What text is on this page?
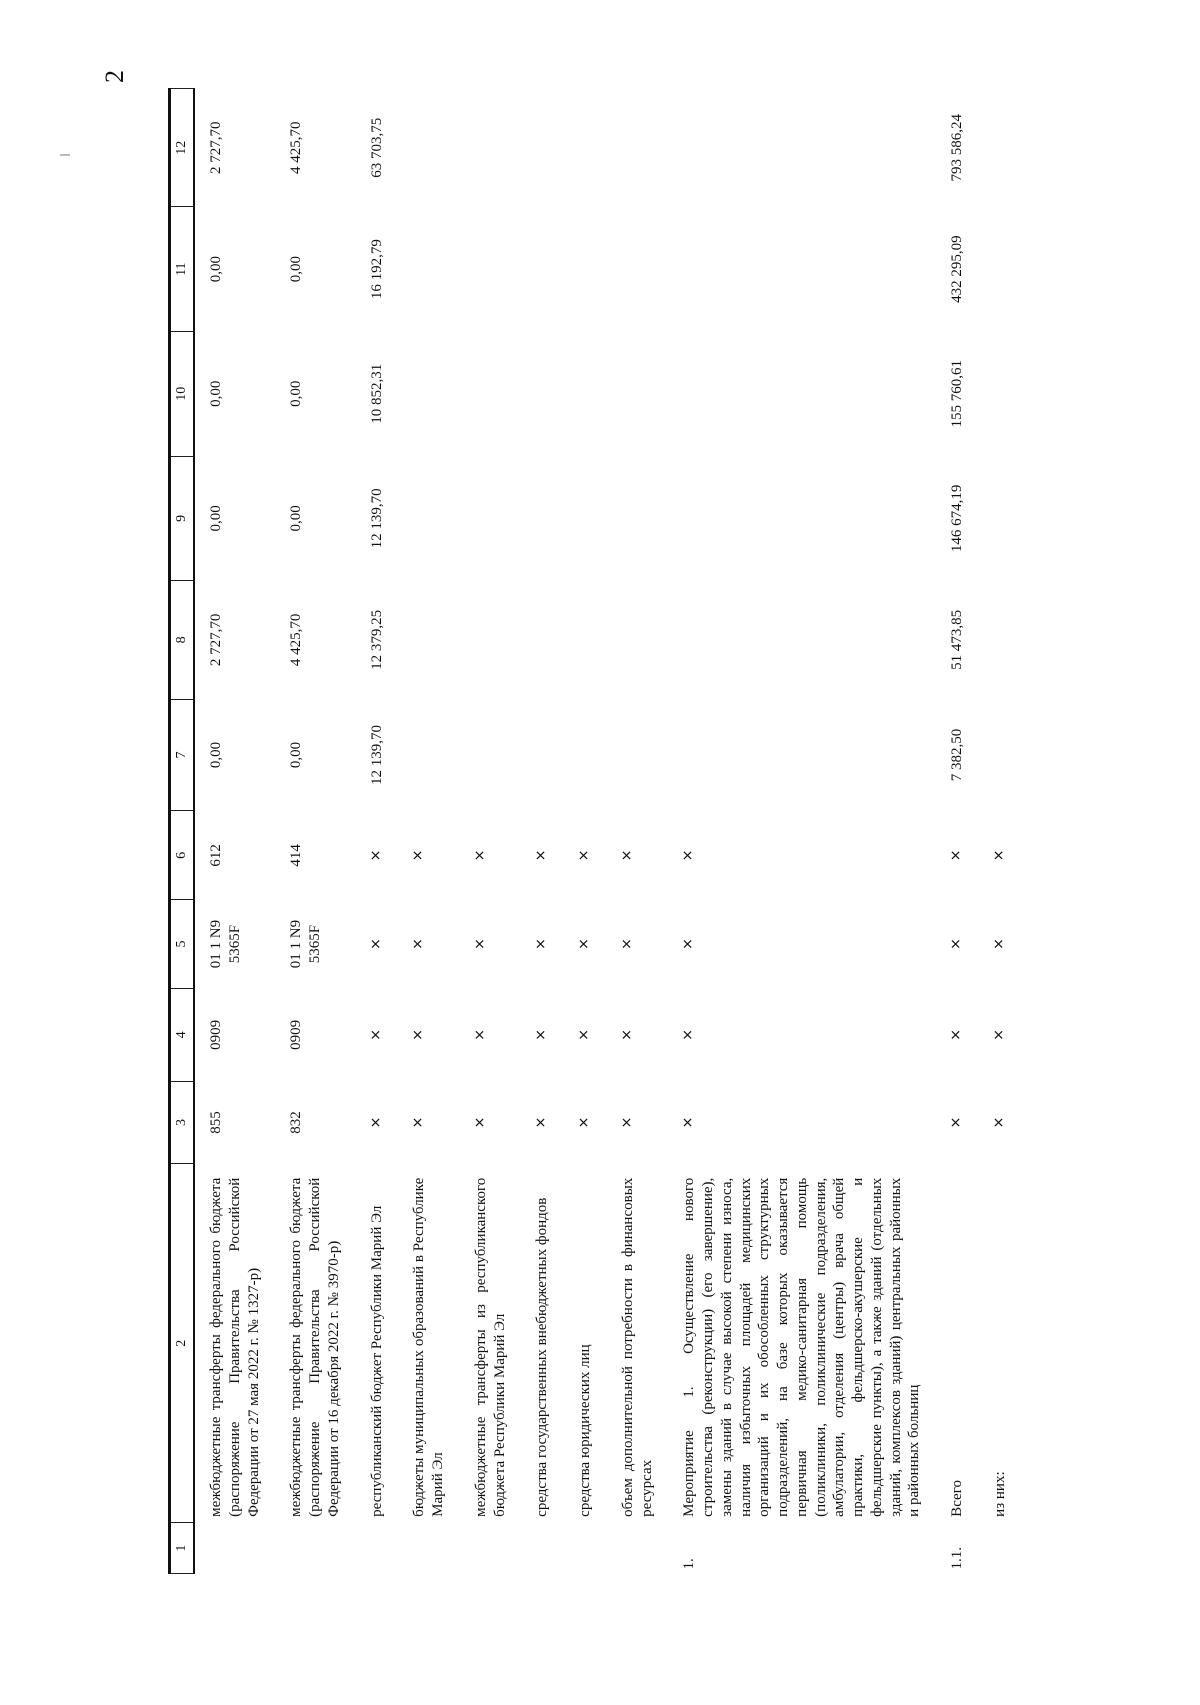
2
1	2	3	4	5	6	7	8	9	10	11	12
	межбюджетные трансферты федерального бюджета (распоряжение Правительства Российской Федерации от 27 мая 2022 г. № 1327-р)	855	0909	01 1 N9 5365F	612	0,00	2 727,70	0,00	0,00	0,00	2 727,70
	межбюджетные трансферты федерального бюджета (распоряжение Правительства Российской Федерации от 16 декабря 2022 г. № 3970-р)	832	0909	01 1 N9 5365F	414	0,00	4 425,70	0,00	0,00	0,00	4 425,70
	республиканский бюджет Республики Марий Эл	×	×	×	×	12 139,70	12 379,25	12 139,70	10 852,31	16 192,79	63 703,75
	бюджеты муниципальных образований в Республике Марий Эл	×	×	×	×						
	межбюджетные трансферты из республиканского бюджета Республики Марий Эл	×	×	×	×						
	средства государственных внебюджетных фондов	×	×	×	×						
	средства юридических лиц	×	×	×	×						
	объем дополнительной потребности в финансовых ресурсах	×	×	×	×						
1.	Мероприятие 1. Осуществление нового строительства (реконструкции) (его завершение), замены зданий в случае высокой степени износа, наличия избыточных площадей медицинских организаций и их обособленных структурных подразделений, на базе которых оказывается первичная медико-санитарная помощь (поликлиники, поликлинические подразделения, амбулатории, отделения (центры) врача общей практики, фельдшерско-акушерские и фельдшерские пункты), а также зданий (отдельных зданий, комплексов зданий) центральных районных и районных больниц	×	×	×	×						
1.1.	Всего	×	×	×	×	7 382,50	51 473,85	146 674,19	155 760,61	432 295,09	793 586,24
	из них:	×	×	×	×						
